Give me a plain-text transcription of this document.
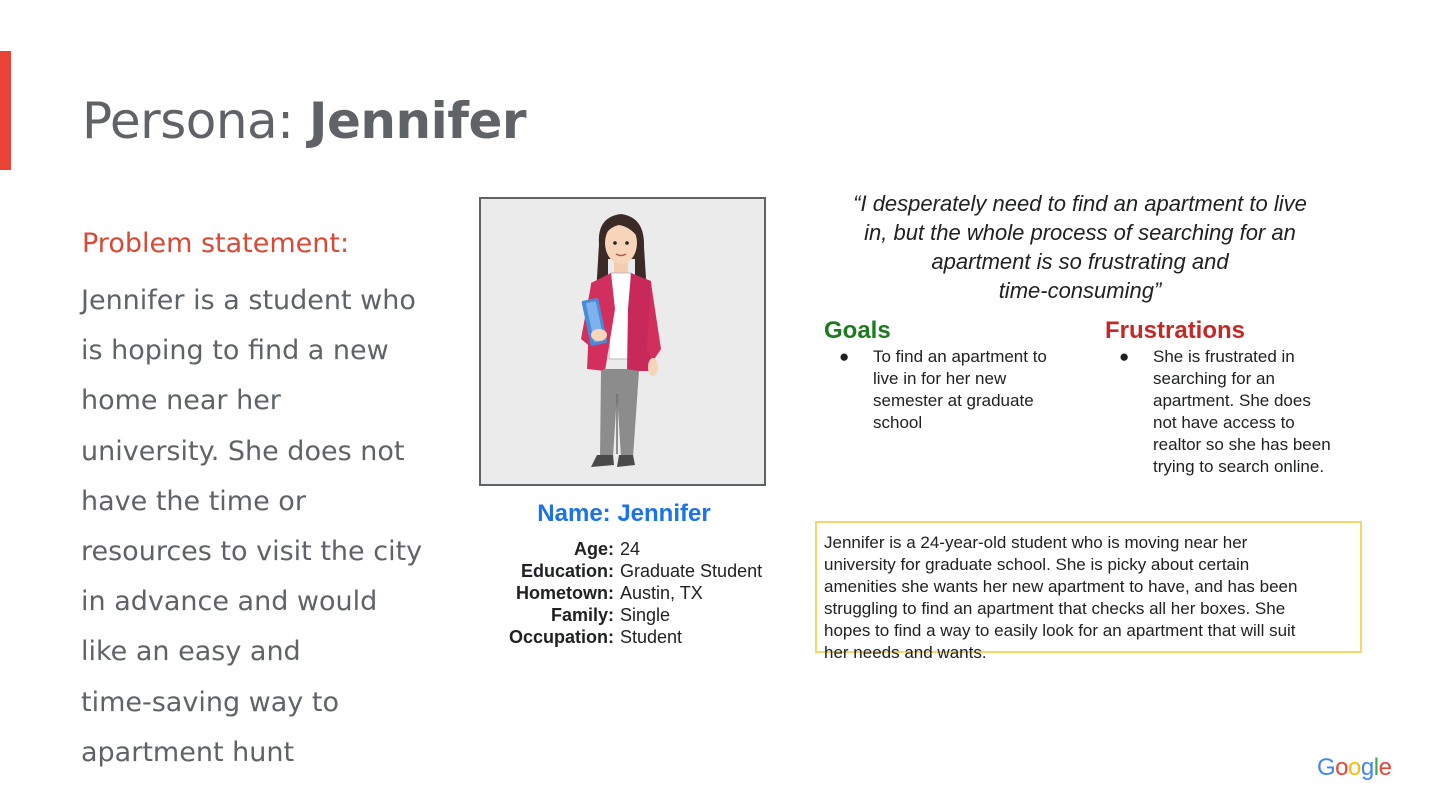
Persona: Jennifer
Problem statement:
Jennifer is a student who
is hoping to find a new
home near her
university. She does not
have the time or
resources to visit the city
in advance and would
like an easy and
time-saving way to
apartment hunt
Name: Jennifer
Age: 24
Education: Graduate Student
Hometown: Austin, TX
Family: Single
Occupation: Student
“I desperately need to find an apartment to live
in, but the whole process of searching for an
apartment is so frustrating and
time-consuming”
Goals
● To find an apartment to
live in for her new
semester at graduate
school
Frustrations
● She is frustrated in
searching for an
apartment. She does
not have access to
realtor so she has been
trying to search online.
Jennifer is a 24-year-old student who is moving near her
university for graduate school. She is picky about certain
amenities she wants her new apartment to have, and has been
struggling to find an apartment that checks all her boxes. She
hopes to find a way to easily look for an apartment that will suit
her needs and wants.
Google
